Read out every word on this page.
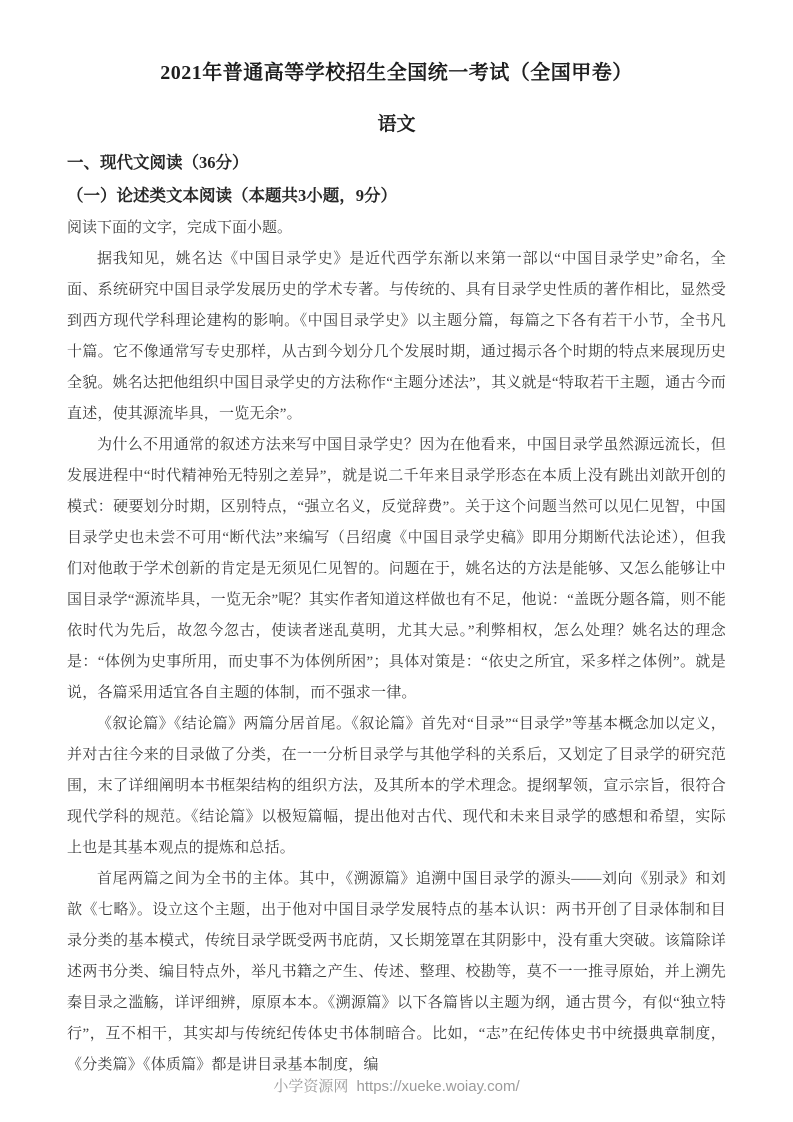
2021年普通高等学校招生全国统一考试（全国甲卷）
语文
一、现代文阅读（36分）
（一）论述类文本阅读（本题共3小题，9分）

阅读下面的文字，完成下面小题。

据我知见，姚名达《中国目录学史》是近代西学东渐以来第一部以“中国目录学史”命名，全面、系统研究中国目录学发展历史的学术专著。与传统的、具有目录学史性质的著作相比，显然受到西方现代学科理论建构的影响。《中国目录学史》以主题分篇，每篇之下各有若干小节，全书凡十篇。它不像通常写专史那样，从古到今划分几个发展时期，通过揭示各个时期的特点来展现历史全貌。姚名达把他组织中国目录学史的方法称作“主题分述法”，其义就是“特取若干主题，通古今而直述，使其源流毕具，一览无余”。

为什么不用通常的叙述方法来写中国目录学史？因为在他看来，中国目录学虽然源远流长，但发展进程中“时代精神殆无特别之差异”，就是说二千年来目录学形态在本质上没有跳出刘歆开创的模式：硬要划分时期，区别特点，“强立名义，反觉辞费”。关于这个问题当然可以见仁见智，中国目录学史也未尝不可用“断代法”来编写（吕绍虞《中国目录学史稿》即用分期断代法论述），但我们对他敢于学术创新的肯定是无须见仁见智的。问题在于，姚名达的方法是能够、又怎么能够让中国目录学“源流毕具，一览无余”呢？其实作者知道这样做也有不足，他说：“盖既分题各篇，则不能依时代为先后，故忽今忽古，使读者迷乱莫明，尤其大忌。”利弊相权，怎么处理？姚名达的理念是：“体例为史事所用，而史事不为体例所困”；具体对策是：“依史之所宜，采多样之体例”。就是说，各篇采用适宜各自主题的体制，而不强求一律。

《叙论篇》《结论篇》两篇分居首尾。《叙论篇》首先对“目录”“目录学”等基本概念加以定义，并对古往今来的目录做了分类，在一一分析目录学与其他学科的关系后，又划定了目录学的研究范围，末了详细阐明本书框架结构的组织方法，及其所本的学术理念。提纲挈领，宣示宗旨，很符合现代学科的规范。《结论篇》以极短篇幅，提出他对古代、现代和未来目录学的感想和希望，实际上也是其基本观点的提炼和总括。

首尾两篇之间为全书的主体。其中，《溯源篇》追溯中国目录学的源头——刘向《别录》和刘歆《七略》。设立这个主题，出于他对中国目录学发展特点的基本认识：两书开创了目录体制和目录分类的基本模式，传统目录学既受两书庇荫，又长期笼罩在其阴影中，没有重大突破。该篇除详述两书分类、编目特点外，举凡书籍之产生、传述、整理、校勘等，莫不一一推寻原始，并上溯先秦目录之滥觞，详评细辨，原原本本。《溯源篇》以下各篇皆以主题为纲，通古贯今，有似“独立特行”，互不相干，其实却与传统纪传体史书体制暗合。比如，“志”在纪传体史书中统摄典章制度，《分类篇》《体质篇》都是讲目录基本制度，编

小学资源网 https://xueke.woiay.com/
